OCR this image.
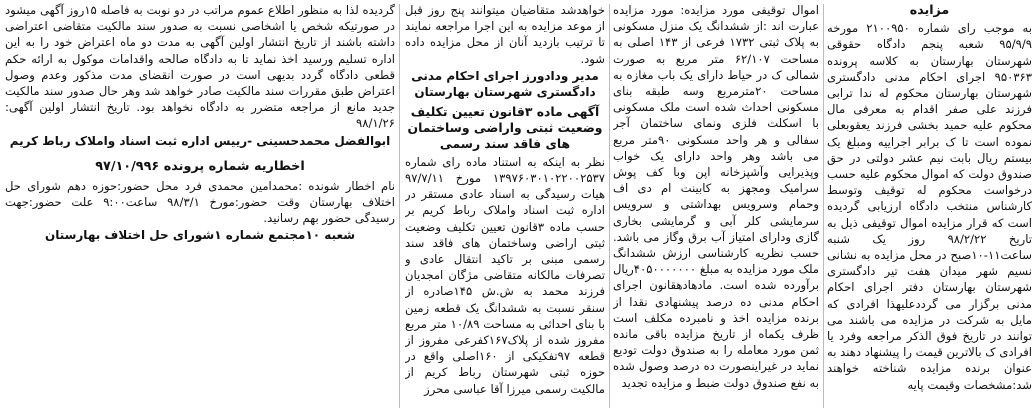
مزایده

به موجب رای شماره ۲۱۰۰۹۵۰ مورخه ۹۵/۹/۹ شعبه پنجم دادگاه حقوقی شهرستان بهارستان به کلاسه پرونده ۹۵۰۳۶۳ اجرای احکام مدنی دادگستری شهرستان بهارستان محکوم له ندا ترابی فرزند علی صفر اقدام به معرفی مال محکوم علیه حمید بخشی فرزند یعقوبعلی نموده است تا ک برابر اجراییه ومبلغ یک بیستم ریال بابت نیم عشر دولتی در حق صندوق دولت که اموال محکوم علیه حسب درخواست محکوم له توقیف وتوسط کارشناس منتخب دادگاه ارزیابی گردیده است که قرار مزایده اموال توقیفی ذیل به تاریخ ۹۸/۲/۲۲ روز یک شنبه ساعت۱۱-۱۰صبح در محل مزایده به نشانی نسیم شهر میدان هفت تیر دادگستری شهرستان بهارستان دفتر اجرای احکام مدنی برگزار می گرددعلیهذا افرادی که مایل به شرکت در مزایده می باشند می توانند در تاریخ فوق الذکر مراجعه وفرد یا افرادی ک بالاترین قیمت را پیشنهاد دهند به عنوان برنده مزایده شناخته خواهند شد:مشخصات وقیمت پایه

اموال توقیفی مورد مزایده: مورد مزایده عبارت اند :از ششدانگ یک منزل مسکونی به پلاک ثبتی ۱۷۳۲ فرعی از ۱۴۳ اصلی به مساحت ۶۲/۱۰۷ متر مربع به صورت شمالی ک در حیاط دارای یک باب مغازه به مساحت ۲۰مترمربع وسه طبقه بنای مسکونی احداث شده است ملک مسکونی با اسکلت فلزی ونمای ساختمان آجر سفالی و هر واحد مسکونی ۹۰متر مربع می باشد وهر واحد دارای یک خواب وپذیرایی وآشپزخانه اپن وبا کف پوش سرامیک ومجهز به کابینت ام دی اف وحمام وسرویس بهداشتی و سرویس سرمایشی کلر آبی و گرمایشی بخاری گازی ودارای امتیاز آب برق وگاز می باشد. حسب نظریه کارشناسی ارزش ششدانگ ملک مورد مزایده به مبلغ ۴۰۵۰۰۰۰۰۰۰ریال برآورده شده است. مادهادهقانون اجرای احکام مدنی ده درصد پیشنهادی نقدا از برنده مزایده اخذ و نامبرده مکلف است ظرف یکماه از تاریخ مزایده باقی مانده ثمن مورد معامله را به صندوق دولت تودیع نماید در غیراینصورت ده درصد وصول شده به نفع صندوق دولت ضبط و مزایده تجدید

خواهدشد متقاضیان میتوانند پنج روز قبل از موعد مزایده به این اجرا مراجعه نمایند تا ترتیب بازدید آنان از محل مزایده داده شود.

مدیر ودادورز اجرای احکام مدنی دادگستری شهرستان بهارستان
آگهی ماده ۳قانون تعیین تکلیف وضعیت ثبتی واراضی وساختمان های فاقد سند رسمی

نظر به اینکه به استناد ماده رای شماره ۱۳۹۷۶۰۳۰۱۰۲۲۰۰۲۵۳۷ مورخ ۹۷/۷/۱۱ هیات رسیدگی به اسناد عادی مستقر در اداره ثبت اسناد واملاک رباط کریم بر حسب ماده ۳قانون تعیین تکلیف وضعیت ثبتی اراضی وساختمان های فاقد سند رسمی مبنی بر تاکید انتقال عادی و تصرفات مالکانه متقاضی مژگان امجدیان فرزند محمد به ش.ش ۱۴۵صادره از سنقر نسبت به ششدانگ یک قطعه زمین با بنای احداثی به مساحت ۱۰/۸۹ متر مربع مفروز شده از پلاک۱۶۷کفرعی مفروز از قطعه ۹۷تفکیکی از ۱۶۰اصلی واقع در حوزه ثبتی شهرستان رباط کریم از مالکیت رسمی میرزا آقا عباسی محرز

گردیده لذا به منظور اطلاع عموم مراتب در دو نوبت به فاصله ۱۵روز آگهی میشود در صورتیکه شخص یا اشخاصی نسبت به صدور سند مالکیت متقاضی اعتراضی داشته باشند از تاریخ انتشار اولین آگهی به مدت دو ماه اعتراض خود را به این اداره تسلیم ورسید اخذ نماید تا به دادگاه صالحه واقدامات موکول به ارائه حکم قطعی دادگاه گردد بدیهی است در صورت انقضای مدت مذکور وعدم وصول اعتراض طبق مقررات سند مالکیت صادر خواهد شد وهر حال صدور سند مالکیت جدید مانع از مراجعه متضرر به دادگاه نخواهد بود. تاریخ انتشار اولین آگهی: ۹۸/۱/۲۶

ابوالفضل محمدحسینی -رییس اداره ثبت اسناد واملاک رباط کریم
اخطاریه شماره پرونده ۹۷/۱۰/۹۹۶

نام اخطار شونده :محمدامین محمدی فرد محل حضور:حوزه دهم شورای حل اختلاف بهارستان وقت حضور:مورخ ۹۸/۳/۱ ساعت۹:۰۰ علت حضور:جهت رسیدگی حضور بهم رسانید.

شعبه ۱۰مجتمع شماره ۱شورای حل اختلاف بهارستان
